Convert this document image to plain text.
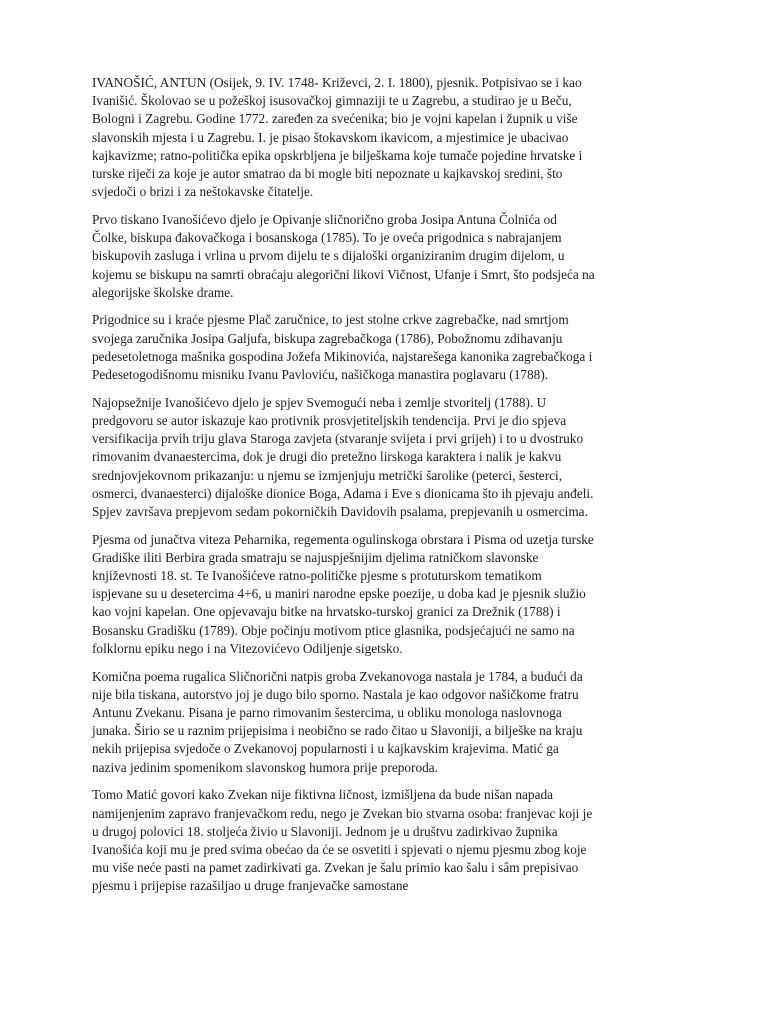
IVANOŠIĆ, ANTUN (Osijek, 9. IV. 1748- Križevci, 2. I. 1800), pjesnik. Potpisivao se i kao
Ivanišić. Školovao se u požeškoj isusovačkoj gimnaziji te u Zagrebu, a studirao je u Beču,
Bologni i Zagrebu. Godine 1772. zaređen za svećenika; bio je vojni kapelan i župnik u više
slavonskih mjesta i u Zagrebu. I. je pisao štokavskom ikavicom, a mjestimice je ubacivao
kajkavizme; ratno-politička epika opskrbljena je bilješkama koje tumače pojedine hrvatske i
turske riječi za koje je autor smatrao da bi mogle biti nepoznate u kajkavskoj sredini, što
svjedoči o brizi i za neštokavske čitatelje.

Prvo tiskano Ivanošićevo djelo je Opivanje sličnorično groba Josipa Antuna Čolnića od
Čolke, biskupa đakovačkoga i bosanskoga (1785). To je oveća prigodnica s nabrajanjem
biskupovih zasluga i vrlina u prvom dijelu te s dijaloški organiziranim drugim dijelom, u
kojemu se biskupu na samrti obraćaju alegorični likovi Vičnost, Ufanje i Smrt, što podsjeća na
alegorijske školske drame.

Prigodnice su i kraće pjesme Plač zaručnice, to jest stolne crkve zagrebačke, nad smrtjom
svojega zaručnika Josipa Galjufa, biskupa zagrebačkoga (1786), Pobožnomu zdihavanju
pedesetoletnoga mašnika gospodina Jožefa Mikinovića, najstarešega kanonika zagrebačkoga i
Pedesetogodišnomu misniku Ivanu Pavloviću, našičkoga manastira poglavaru (1788).

Najopsežnije Ivanošićevo djelo je spjev Svemogući neba i zemlje stvoritelj (1788). U
predgovoru se autor iskazuje kao protivnik prosvjetiteljskih tendencija. Prvi je dio spjeva
versifikacija prvih triju glava Staroga zavjeta (stvaranje svijeta i prvi grijeh) i to u dvostruko
rimovanim dvanaestercima, dok je drugi dio pretežno lirskoga karaktera i nalik je kakvu
srednjovjekovnom prikazanju: u njemu se izmjenjuju metrički šarolike (peterci, šesterci,
osmerci, dvanaesterci) dijaloške dionice Boga, Adama i Eve s dionicama što ih pjevaju anđeli.
Spjev završava prepjevom sedam pokorničkih Davidovih psalama, prepjevanih u osmercima.

Pjesma od junačtva viteza Peharnika, regementa ogulinskoga obrstara i Pisma od uzetja turske
Gradiške iliti Berbira grada smatraju se najuspješnijim djelima ratničkom slavonske
književnosti 18. st. Te Ivanošićeve ratno-političke pjesme s protuturskom tematikom
ispjevane su u desetercima 4+6, u maniri narodne epske poezije, u doba kad je pjesnik služio
kao vojni kapelan. One opjevavaju bitke na hrvatsko-turskoj granici za Drežnik (1788) i
Bosansku Gradišku (1789). Obje počinju motivom ptice glasnika, podsjećajući ne samo na
folklornu epiku nego i na Vitezovićevo Odiljenje sigetsko.

Komična poema rugalica Sličnorični natpis groba Zvekanovoga nastala je 1784, a budući da
nije bila tiskana, autorstvo joj je dugo bilo sporno. Nastala je kao odgovor našičkome fratru
Antunu Zvekanu. Pisana je parno rimovanim šestercima, u obliku monologa naslovnoga
junaka. Širio se u raznim prijepisima i neobično se rado čitao u Slavoniji, a bilješke na kraju
nekih prijepisa svjedoče o Zvekanovoj popularnosti i u kajkavskim krajevima. Matić ga
naziva jedinim spomenikom slavonskog humora prije preporoda.

Tomo Matić govori kako Zvekan nije fiktivna ličnost, izmišljena da bude nišan napada
namijenjenim zapravo franjevačkom redu, nego je Zvekan bio stvarna osoba: franjevac koji je
u drugoj polovici 18. stoljeća živio u Slavoniji. Jednom je u društvu zadirkivao župnika
Ivanošića koji mu je pred svima obećao da će se osvetiti i spjevati o njemu pjesmu zbog koje
mu više neće pasti na pamet zadirkivati ga. Zvekan je šalu primio kao šalu i sâm prepisivao
pjesmu i prijepise razašiljao u druge franjevačke samostane
